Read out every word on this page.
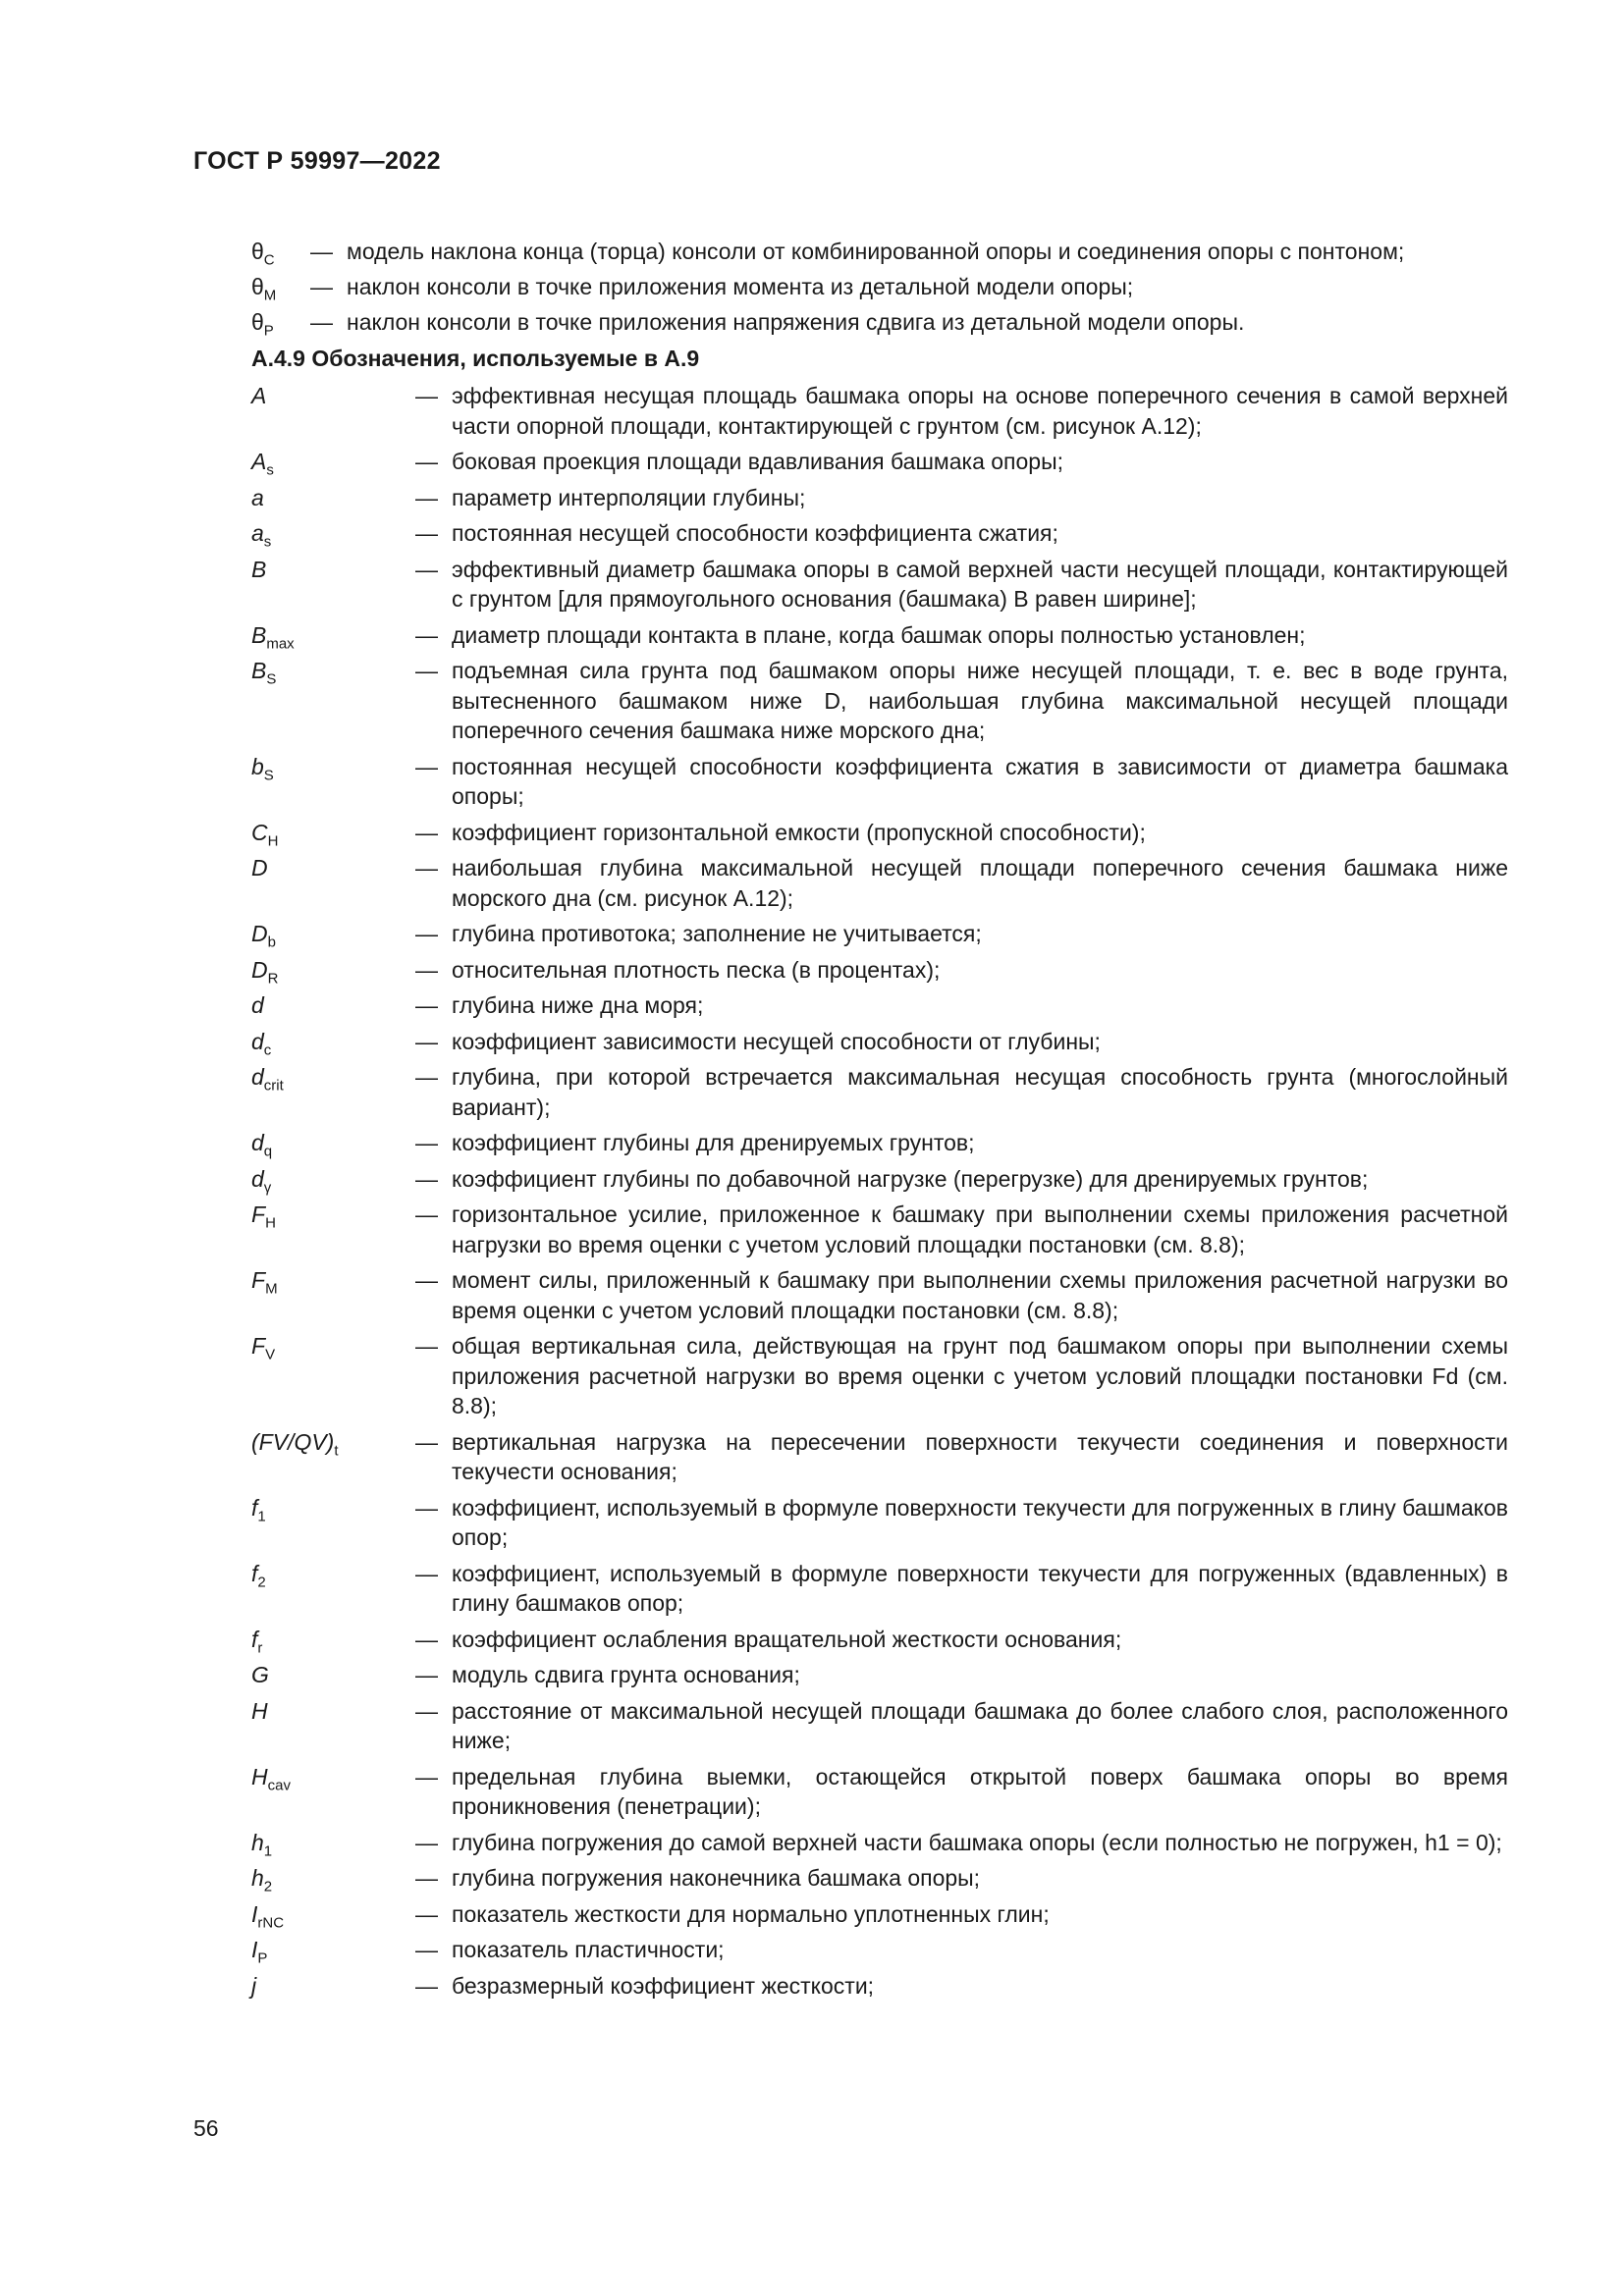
ГОСТ Р 59997—2022
$\theta_C$	— модель наклона конца (торца) консоли от комбинированной опоры и соединения опоры с понтоном;
$\theta_M$	— наклон консоли в точке приложения момента из детальной модели опоры;
$\theta_P$	— наклон консоли в точке приложения напряжения сдвига из детальной модели опоры.
А.4.9 Обозначения, используемые в А.9
A	— эффективная несущая площадь башмака опоры на основе поперечного сечения в самой верхней части опорной площади, контактирующей с грунтом (см. рисунок А.12);
$A_s$	— боковая проекция площади вдавливания башмака опоры;
a	— параметр интерполяции глубины;
$a_s$	— постоянная несущей способности коэффициента сжатия;
B	— эффективный диаметр башмака опоры в самой верхней части несущей площади, контактирующей с грунтом [для прямоугольного основания (башмака) B равен ширине];
$B_{max}$	— диаметр площади контакта в плане, когда башмак опоры полностью установлен;
$B_S$	— подъемная сила грунта под башмаком опоры ниже несущей площади, т. е. вес в воде грунта, вытесненного башмаком ниже D, наибольшая глубина максимальной несущей площади поперечного сечения башмака ниже морского дна;
$b_S$	— постоянная несущей способности коэффициента сжатия в зависимости от диаметра башмака опоры;
$C_H$	— коэффициент горизонтальной емкости (пропускной способности);
D	— наибольшая глубина максимальной несущей площади поперечного сечения башмака ниже морского дна (см. рисунок А.12);
$D_b$	— глубина противотока; заполнение не учитывается;
$D_R$	— относительная плотность песка (в процентах);
d	— глубина ниже дна моря;
$d_c$	— коэффициент зависимости несущей способности от глубины;
$d_{crit}$	— глубина, при которой встречается максимальная несущая способность грунта (многослойный вариант);
$d_q$	— коэффициент глубины для дренируемых грунтов;
$d_\gamma$	— коэффициент глубины по добавочной нагрузке (перегрузке) для дренируемых грунтов;
$F_H$	— горизонтальное усилие, приложенное к башмаку при выполнении схемы приложения расчетной нагрузки во время оценки с учетом условий площадки постановки (см. 8.8);
$F_M$	— момент силы, приложенный к башмаку при выполнении схемы приложения расчетной нагрузки во время оценки с учетом условий площадки постановки (см. 8.8);
$F_V$	— общая вертикальная сила, действующая на грунт под башмаком опоры при выполнении схемы приложения расчетной нагрузки во время оценки с учетом условий площадки постановки Fd (см. 8.8);
$(FV/QV)_t$	— вертикальная нагрузка на пересечении поверхности текучести соединения и поверхности текучести основания;
$f_1$	— коэффициент, используемый в формуле поверхности текучести для погруженных в глину башмаков опор;
$f_2$	— коэффициент, используемый в формуле поверхности текучести для погруженных (вдавленных) в глину башмаков опор;
$f_r$	— коэффициент ослабления вращательной жесткости основания;
G	— модуль сдвига грунта основания;
H	— расстояние от максимальной несущей площади башмака до более слабого слоя, расположенного ниже;
$H_{cav}$	— предельная глубина выемки, остающейся открытой поверх башмака опоры во время проникновения (пенетрации);
$h_1$	— глубина погружения до самой верхней части башмака опоры (если полностью не погружен, h1 = 0);
$h_2$	— глубина погружения наконечника башмака опоры;
$I_{rNC}$	— показатель жесткости для нормально уплотненных глин;
$I_P$	— показатель пластичности;
j	— безразмерный коэффициент жесткости;
56
